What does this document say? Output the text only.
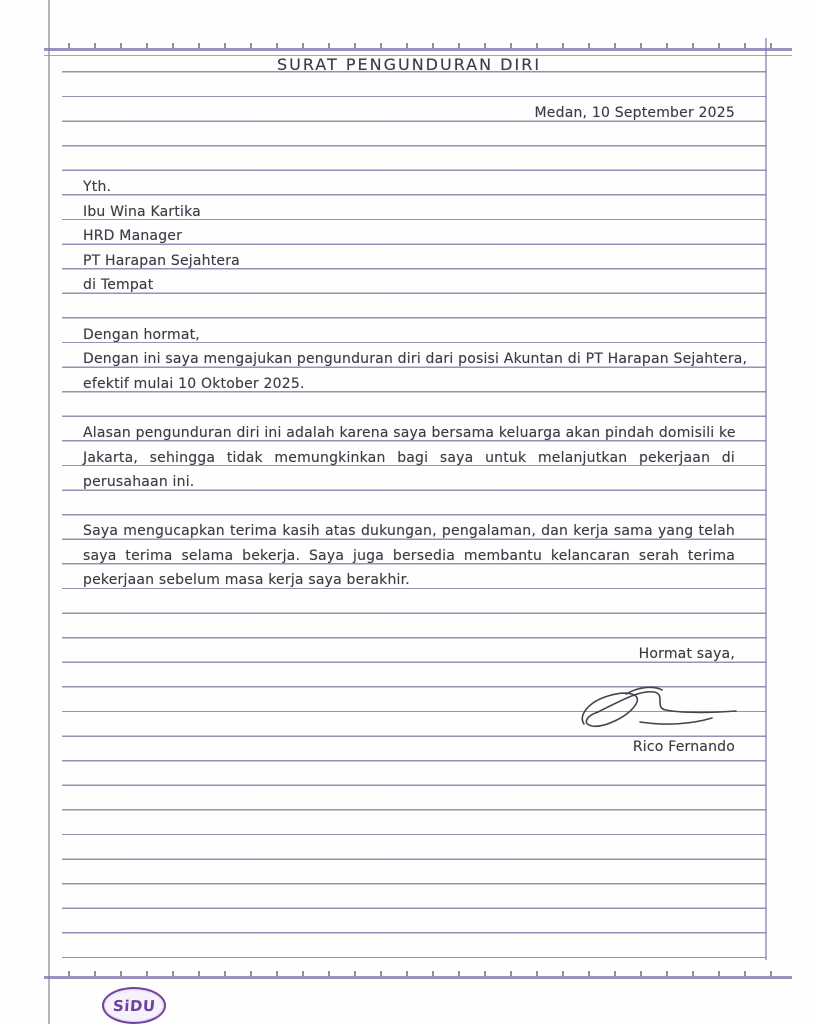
SURAT PENGUNDURAN DIRI
Medan, 10 September 2025
Yth.
Ibu Wina Kartika
HRD Manager
PT Harapan Sejahtera
di Tempat
Dengan hormat,
Dengan ini saya mengajukan pengunduran diri dari posisi Akuntan di PT Harapan Sejahtera,
efektif mulai 10 Oktober 2025.
Alasan pengunduran diri ini adalah karena saya bersama keluarga akan pindah domisili ke
Jakarta, sehingga tidak memungkinkan bagi saya untuk melanjutkan pekerjaan di
perusahaan ini.
Saya mengucapkan terima kasih atas dukungan, pengalaman, dan kerja sama yang telah
saya terima selama bekerja. Saya juga bersedia membantu kelancaran serah terima
pekerjaan sebelum masa kerja saya berakhir.
Hormat saya,
Rico Fernando
SiDU
